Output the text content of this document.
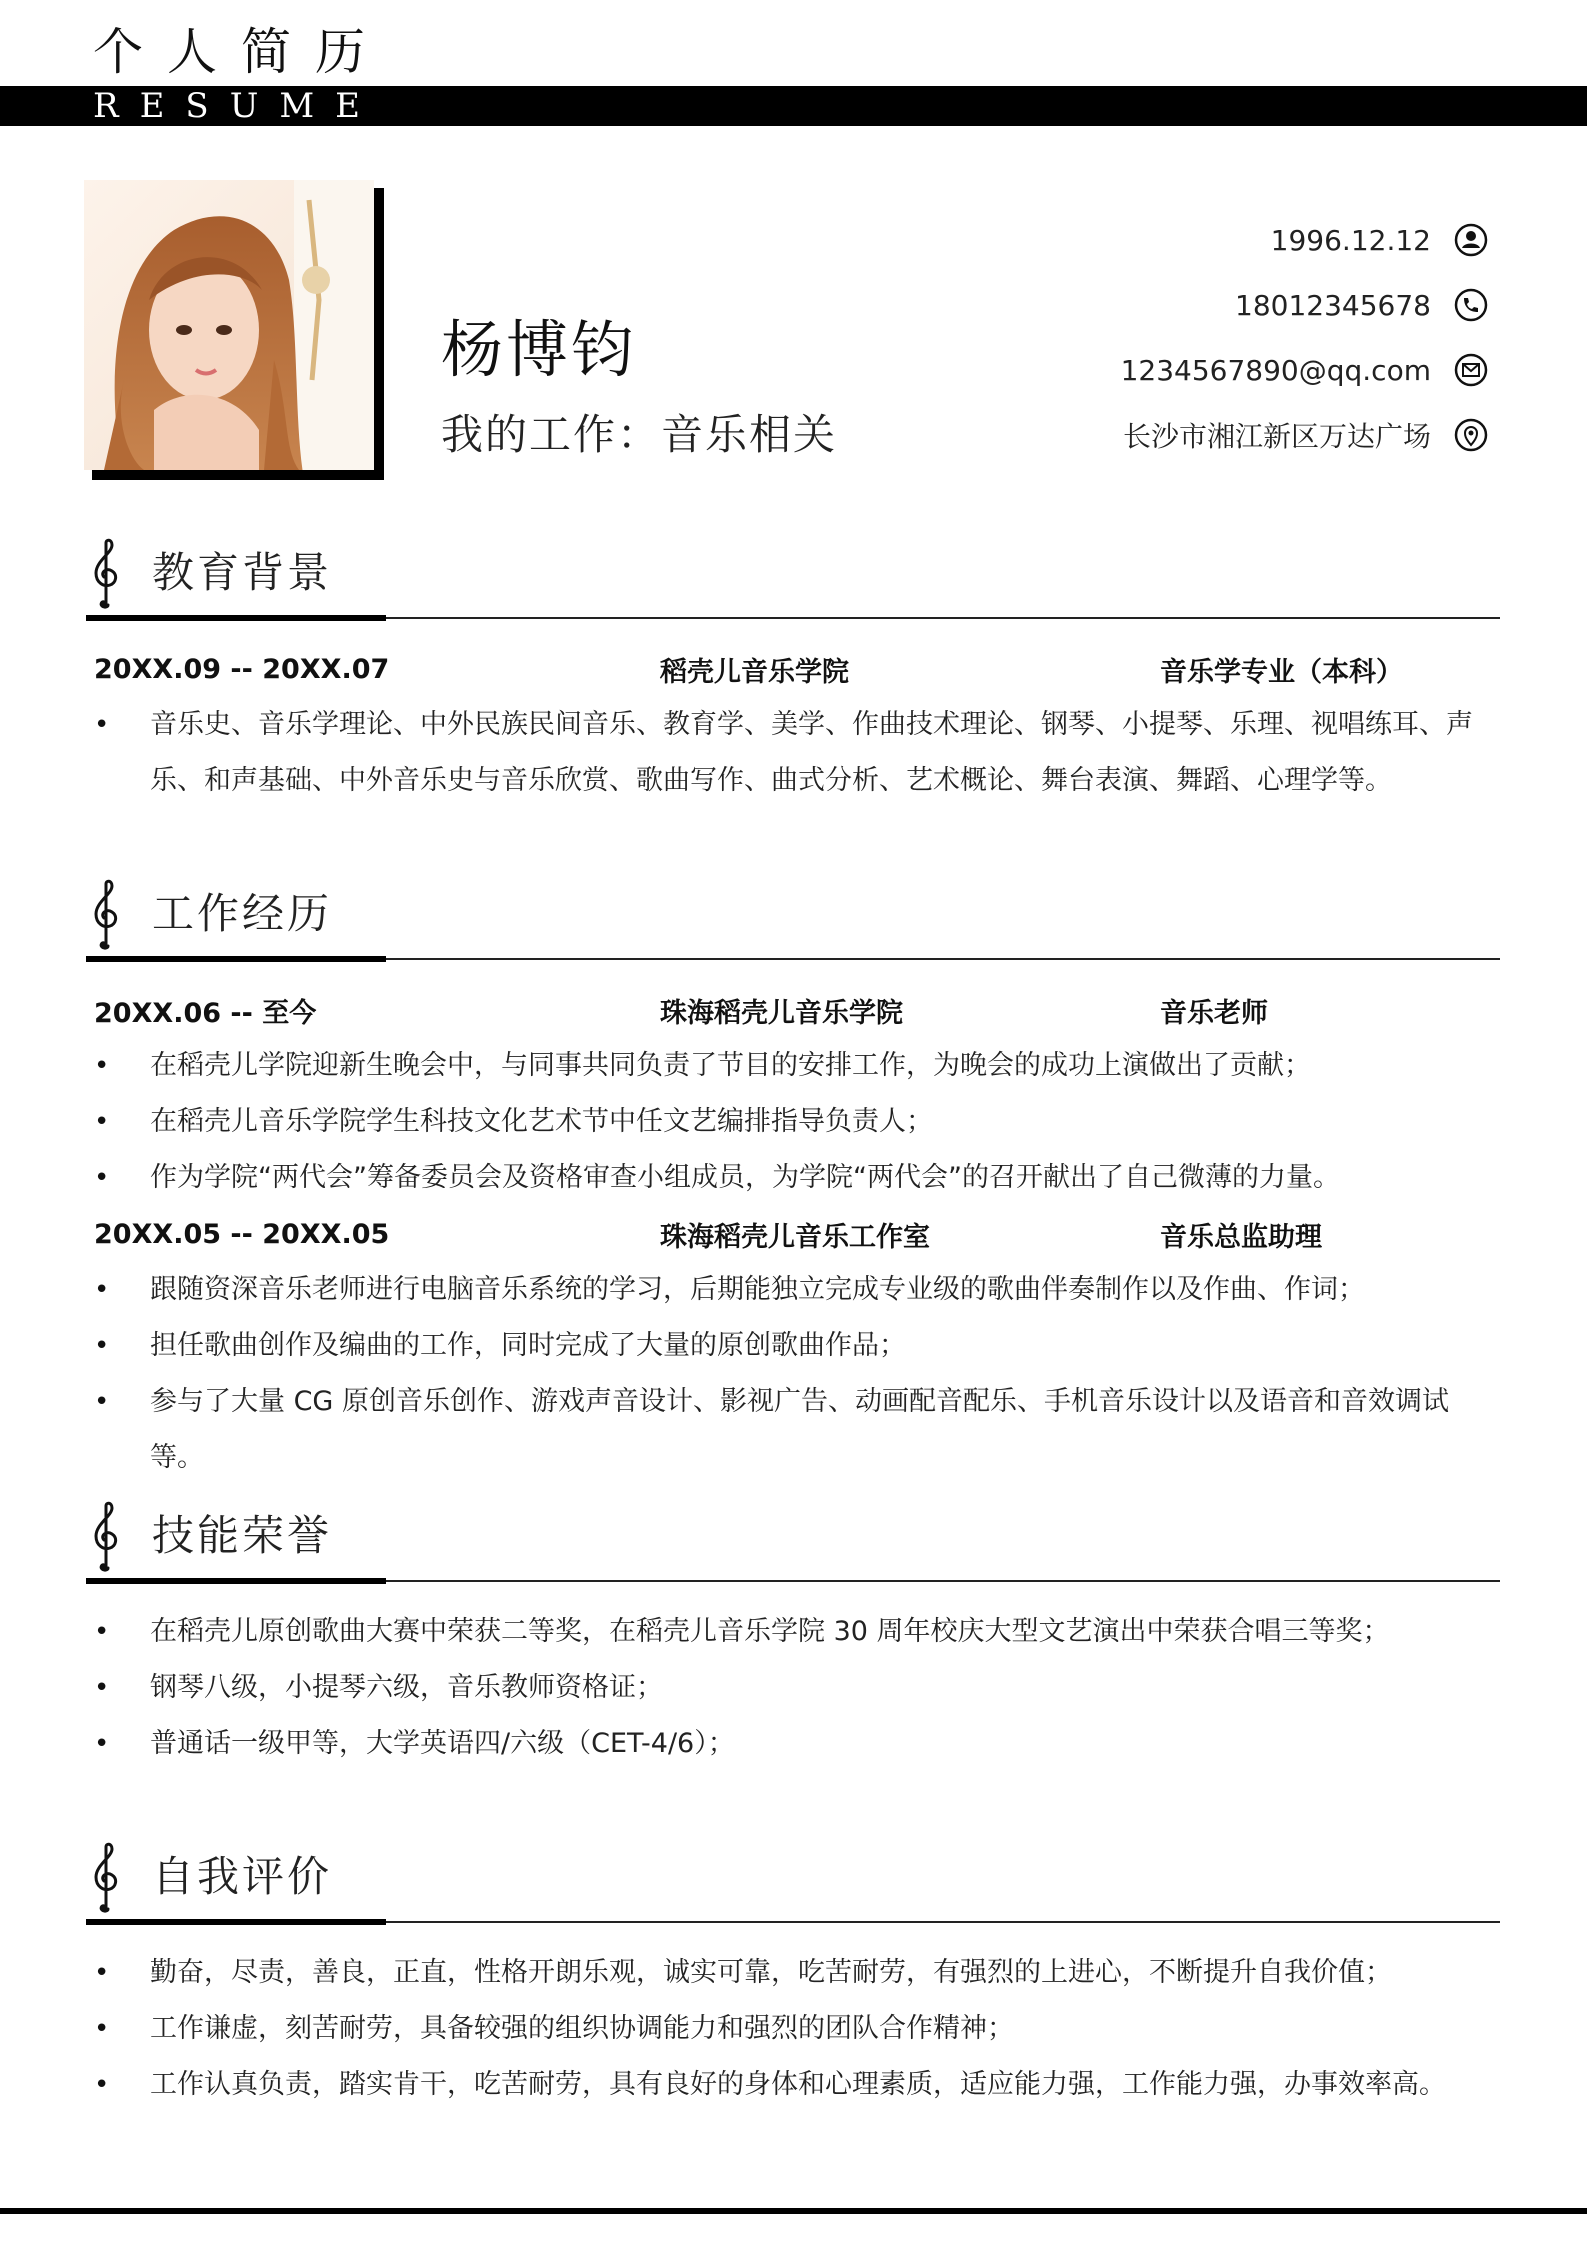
个人简历
RESUME
杨博钧
我的工作：音乐相关
1996.12.12
18012345678
1234567890@qq.com
长沙市湘江新区万达广场
教育背景
20XX.09 -- 20XX.07	稻壳儿音乐学院	音乐学专业（本科）
• 音乐史、音乐学理论、中外民族民间音乐、教育学、美学、作曲技术理论、钢琴、小提琴、乐理、视唱练耳、声乐、和声基础、中外音乐史与音乐欣赏、歌曲写作、曲式分析、艺术概论、舞台表演、舞蹈、心理学等。
工作经历
20XX.06 -- 至今	珠海稻壳儿音乐学院	音乐老师
• 在稻壳儿学院迎新生晚会中，与同事共同负责了节目的安排工作，为晚会的成功上演做出了贡献；
• 在稻壳儿音乐学院学生科技文化艺术节中任文艺编排指导负责人；
• 作为学院“两代会”筹备委员会及资格审查小组成员，为学院“两代会”的召开献出了自己微薄的力量。
20XX.05 -- 20XX.05	珠海稻壳儿音乐工作室	音乐总监助理
• 跟随资深音乐老师进行电脑音乐系统的学习，后期能独立完成专业级的歌曲伴奏制作以及作曲、作词；
• 担任歌曲创作及编曲的工作，同时完成了大量的原创歌曲作品；
• 参与了大量 CG 原创音乐创作、游戏声音设计、影视广告、动画配音配乐、手机音乐设计以及语音和音效调试等。
技能荣誉
• 在稻壳儿原创歌曲大赛中荣获二等奖，在稻壳儿音乐学院 30 周年校庆大型文艺演出中荣获合唱三等奖；
• 钢琴八级，小提琴六级，音乐教师资格证；
• 普通话一级甲等，大学英语四/六级（CET-4/6）；
自我评价
• 勤奋，尽责，善良，正直，性格开朗乐观，诚实可靠，吃苦耐劳，有强烈的上进心，不断提升自我价值；
• 工作谦虚，刻苦耐劳，具备较强的组织协调能力和强烈的团队合作精神；
• 工作认真负责，踏实肯干，吃苦耐劳，具有良好的身体和心理素质，适应能力强，工作能力强，办事效率高。
